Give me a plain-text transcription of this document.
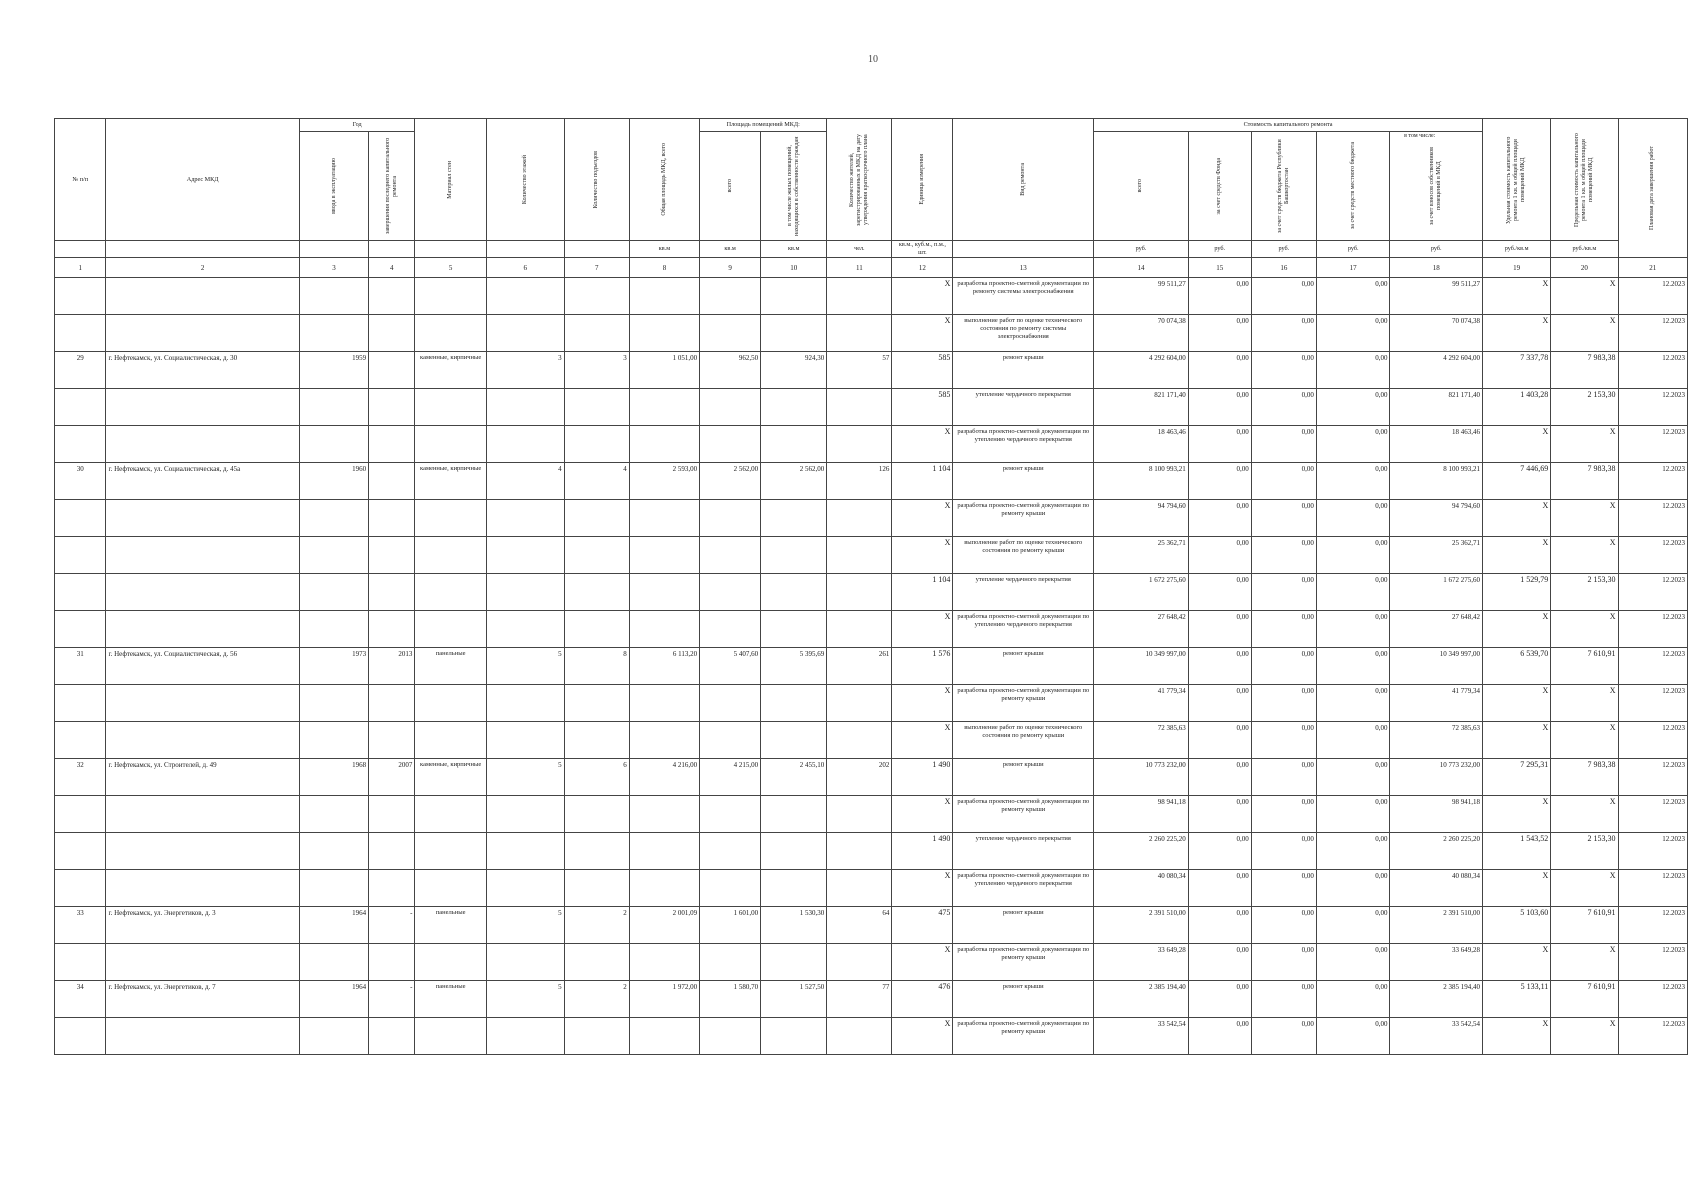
10
№ п/п	Адрес МКД	Год		Материал стен	Количество этажей	Количество подъездов	Общая площадь МКД, всего	Площадь помещений МКД:		Количество жителей, зарегистрированных в МКД на дату утверждения краткосрочного плана	Единица измерения	Вид ремонта	Стоимость капитального ремонта					Удельная стоимость капитального ремонта 1 кв. м общей площади помещений МКД	Предельная стоимость капитального ремонта 1 кв. м общей площади помещений МКД	Плановая дата завершения работ

		ввода в эксплуатацию	завершения последнего капитального ремонта					всего	в том числе жилых помещений, находящихся в собственности граждан				всего	в том числе:
за счет средств Фонда	за счет средств бюджета Республики Башкортостан	за счет средств местного бюджета	за счет взносов собственников помещений в МКД			

							кв.м	кв.м	кв.м	чел.	кв.м., куб.м., п.м., шт.		руб.	руб.	руб.	руб.	руб.	руб./кв.м	руб./кв.м	
1	2	3	4	5	6	7	8	9	10	11	12	13	14	15	16	17	18	19	20	21
											X	разработка проектно-сметной документации по ремонту системы электроснабжения	99 511,27	0,00	0,00	0,00	99 511,27	X	X	12.2023
											X	выполнение работ по оценке технического состояния по ремонту системы электроснабжения	70 074,38	0,00	0,00	0,00	70 074,38	X	X	12.2023
29	г. Нефтекамск, ул. Социалистическая, д. 30	1959		каменные, кирпичные	3	3	1 051,00	962,50	924,30	57	585	ремонт крыши	4 292 604,00	0,00	0,00	0,00	4 292 604,00	7 337,78	7 983,38	12.2023
											585	утепление чердачного перекрытия	821 171,40	0,00	0,00	0,00	821 171,40	1 403,28	2 153,30	12.2023
											X	разработка проектно-сметной документации по утеплению чердачного перекрытия	18 463,46	0,00	0,00	0,00	18 463,46	X	X	12.2023
30	г. Нефтекамск, ул. Социалистическая, д. 45а	1960		каменные, кирпичные	4	4	2 593,00	2 562,00	2 562,00	126	1 104	ремонт крыши	8 100 993,21	0,00	0,00	0,00	8 100 993,21	7 446,69	7 983,38	12.2023
											X	разработка проектно-сметной документации по ремонту крыши	94 794,60	0,00	0,00	0,00	94 794,60	X	X	12.2023
											X	выполнение работ по оценке технического состояния по ремонту крыши	25 362,71	0,00	0,00	0,00	25 362,71	X	X	12.2023
											1 104	утепление чердачного перекрытия	1 672 275,60	0,00	0,00	0,00	1 672 275,60	1 529,79	2 153,30	12.2023
											X	разработка проектно-сметной документации по утеплению чердачного перекрытия	27 648,42	0,00	0,00	0,00	27 648,42	X	X	12.2023
31	г. Нефтекамск, ул. Социалистическая, д. 56	1973	2013	панельные	5	8	6 113,20	5 407,60	5 395,69	261	1 576	ремонт крыши	10 349 997,00	0,00	0,00	0,00	10 349 997,00	6 539,70	7 610,91	12.2023
											X	разработка проектно-сметной документации по ремонту крыши	41 779,34	0,00	0,00	0,00	41 779,34	X	X	12.2023
											X	выполнение работ по оценке технического состояния по ремонту крыши	72 385,63	0,00	0,00	0,00	72 385,63	X	X	12.2023
32	г. Нефтекамск, ул. Строителей, д. 49	1968	2007	каменные, кирпичные	5	6	4 216,00	4 215,00	2 455,10	202	1 490	ремонт крыши	10 773 232,00	0,00	0,00	0,00	10 773 232,00	7 295,31	7 983,38	12.2023
											X	разработка проектно-сметной документации по ремонту крыши	98 941,18	0,00	0,00	0,00	98 941,18	X	X	12.2023
											1 490	утепление чердачного перекрытия	2 260 225,20	0,00	0,00	0,00	2 260 225,20	1 543,52	2 153,30	12.2023
											X	разработка проектно-сметной документации по утеплению чердачного перекрытия	40 080,34	0,00	0,00	0,00	40 080,34	X	X	12.2023
33	г. Нефтекамск, ул. Энергетиков, д. 3	1964	-	панельные	5	2	2 001,09	1 601,00	1 530,30	64	475	ремонт крыши	2 391 510,00	0,00	0,00	0,00	2 391 510,00	5 103,60	7 610,91	12.2023
											X	разработка проектно-сметной документации по ремонту крыши	33 649,28	0,00	0,00	0,00	33 649,28	X	X	12.2023
34	г. Нефтекамск, ул. Энергетиков, д. 7	1964	-	панельные	5	2	1 972,00	1 580,70	1 527,50	77	476	ремонт крыши	2 385 194,40	0,00	0,00	0,00	2 385 194,40	5 133,11	7 610,91	12.2023
											X	разработка проектно-сметной документации по ремонту крыши	33 542,54	0,00	0,00	0,00	33 542,54	X	X	12.2023
